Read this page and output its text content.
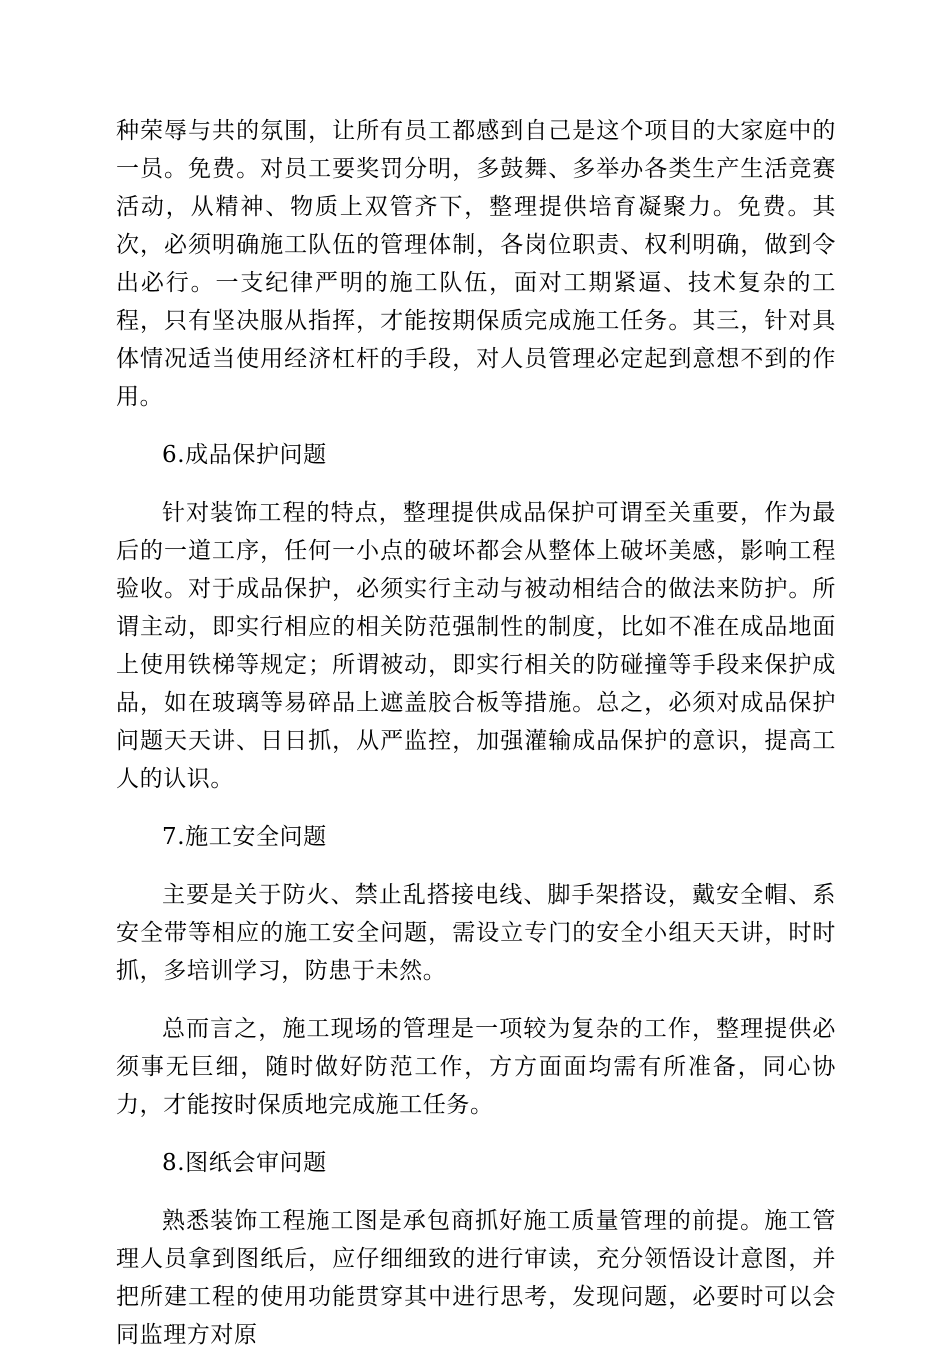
种荣辱与共的氛围，让所有员工都感到自己是这个项目的大家庭中的一员。免费。对员工要奖罚分明，多鼓舞、多举办各类生产生活竞赛活动，从精神、物质上双管齐下，整理提供培育凝聚力。免费。其次，必须明确施工队伍的管理体制，各岗位职责、权利明确，做到令出必行。一支纪律严明的施工队伍，面对工期紧逼、技术复杂的工程，只有坚决服从指挥，才能按期保质完成施工任务。其三，针对具体情况适当使用经济杠杆的手段，对人员管理必定起到意想不到的作用。

6.成品保护问题

针对装饰工程的特点，整理提供成品保护可谓至关重要，作为最后的一道工序，任何一小点的破坏都会从整体上破坏美感，影响工程验收。对于成品保护，必须实行主动与被动相结合的做法来防护。所谓主动，即实行相应的相关防范强制性的制度，比如不准在成品地面上使用铁梯等规定；所谓被动，即实行相关的防碰撞等手段来保护成品，如在玻璃等易碎品上遮盖胶合板等措施。总之，必须对成品保护问题天天讲、日日抓，从严监控，加强灌输成品保护的意识，提高工人的认识。

7.施工安全问题

主要是关于防火、禁止乱搭接电线、脚手架搭设，戴安全帽、系安全带等相应的施工安全问题，需设立专门的安全小组天天讲，时时抓，多培训学习，防患于未然。

总而言之，施工现场的管理是一项较为复杂的工作，整理提供必须事无巨细，随时做好防范工作，方方面面均需有所准备，同心协力，才能按时保质地完成施工任务。

8.图纸会审问题

熟悉装饰工程施工图是承包商抓好施工质量管理的前提。施工管理人员拿到图纸后，应仔细细致的进行审读，充分领悟设计意图，并把所建工程的使用功能贯穿其中进行思考，发现问题，必要时可以会同监理方对原
